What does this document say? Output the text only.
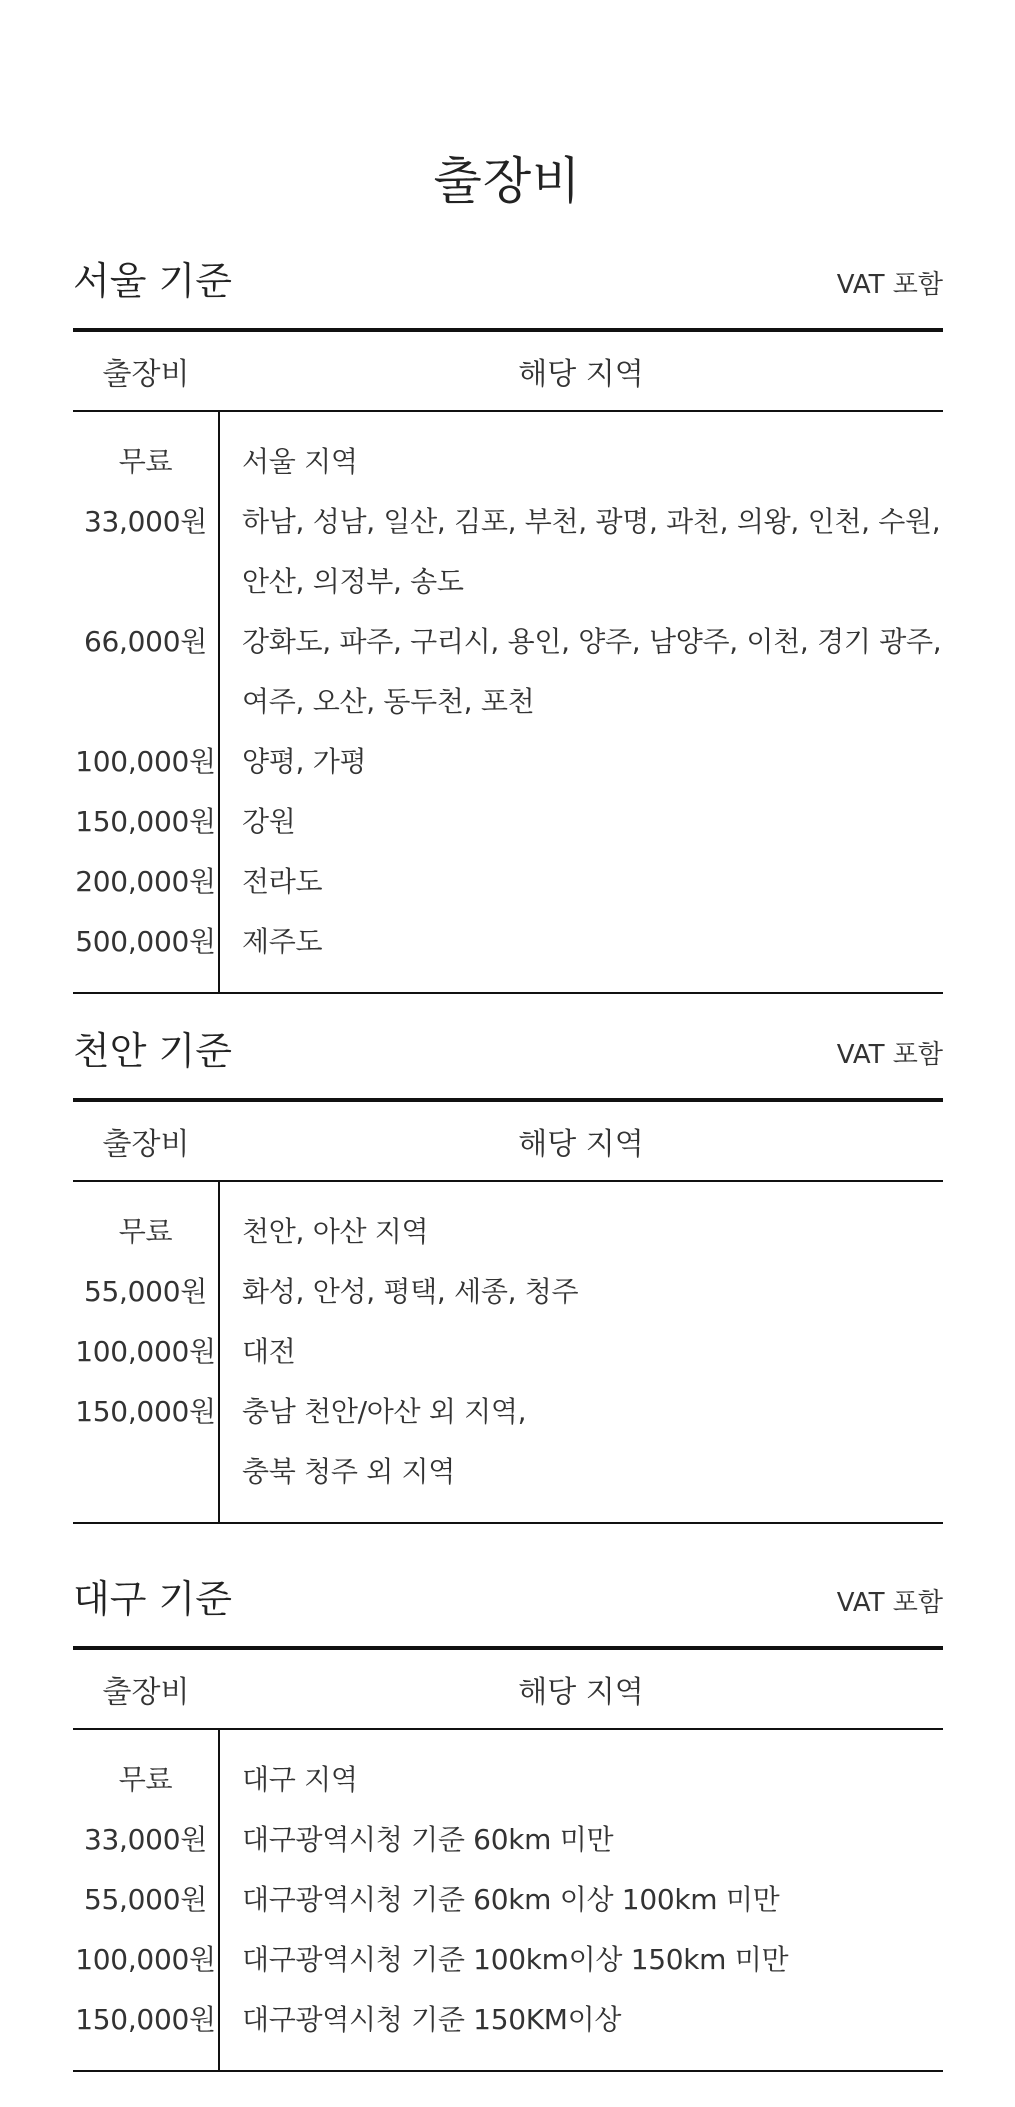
출장비
서울 기준	VAT 포함
출장비	해당 지역
무료	서울 지역
33,000원	하남, 성남, 일산, 김포, 부천, 광명, 과천, 의왕, 인천, 수원, 안산, 의정부, 송도
66,000원	강화도, 파주, 구리시, 용인, 양주, 남양주, 이천, 경기 광주, 여주, 오산, 동두천, 포천
100,000원	양평, 가평
150,000원	강원
200,000원	전라도
500,000원	제주도
천안 기준	VAT 포함
출장비	해당 지역
무료	천안, 아산 지역
55,000원	화성, 안성, 평택, 세종, 청주
100,000원	대전
150,000원	충남 천안/아산 외 지역,
충북 청주 외 지역
대구 기준	VAT 포함
출장비	해당 지역
무료	대구 지역
33,000원	대구광역시청 기준 60km 미만
55,000원	대구광역시청 기준 60km 이상 100km 미만
100,000원	대구광역시청 기준 100km이상 150km 미만
150,000원	대구광역시청 기준 150KM이상
